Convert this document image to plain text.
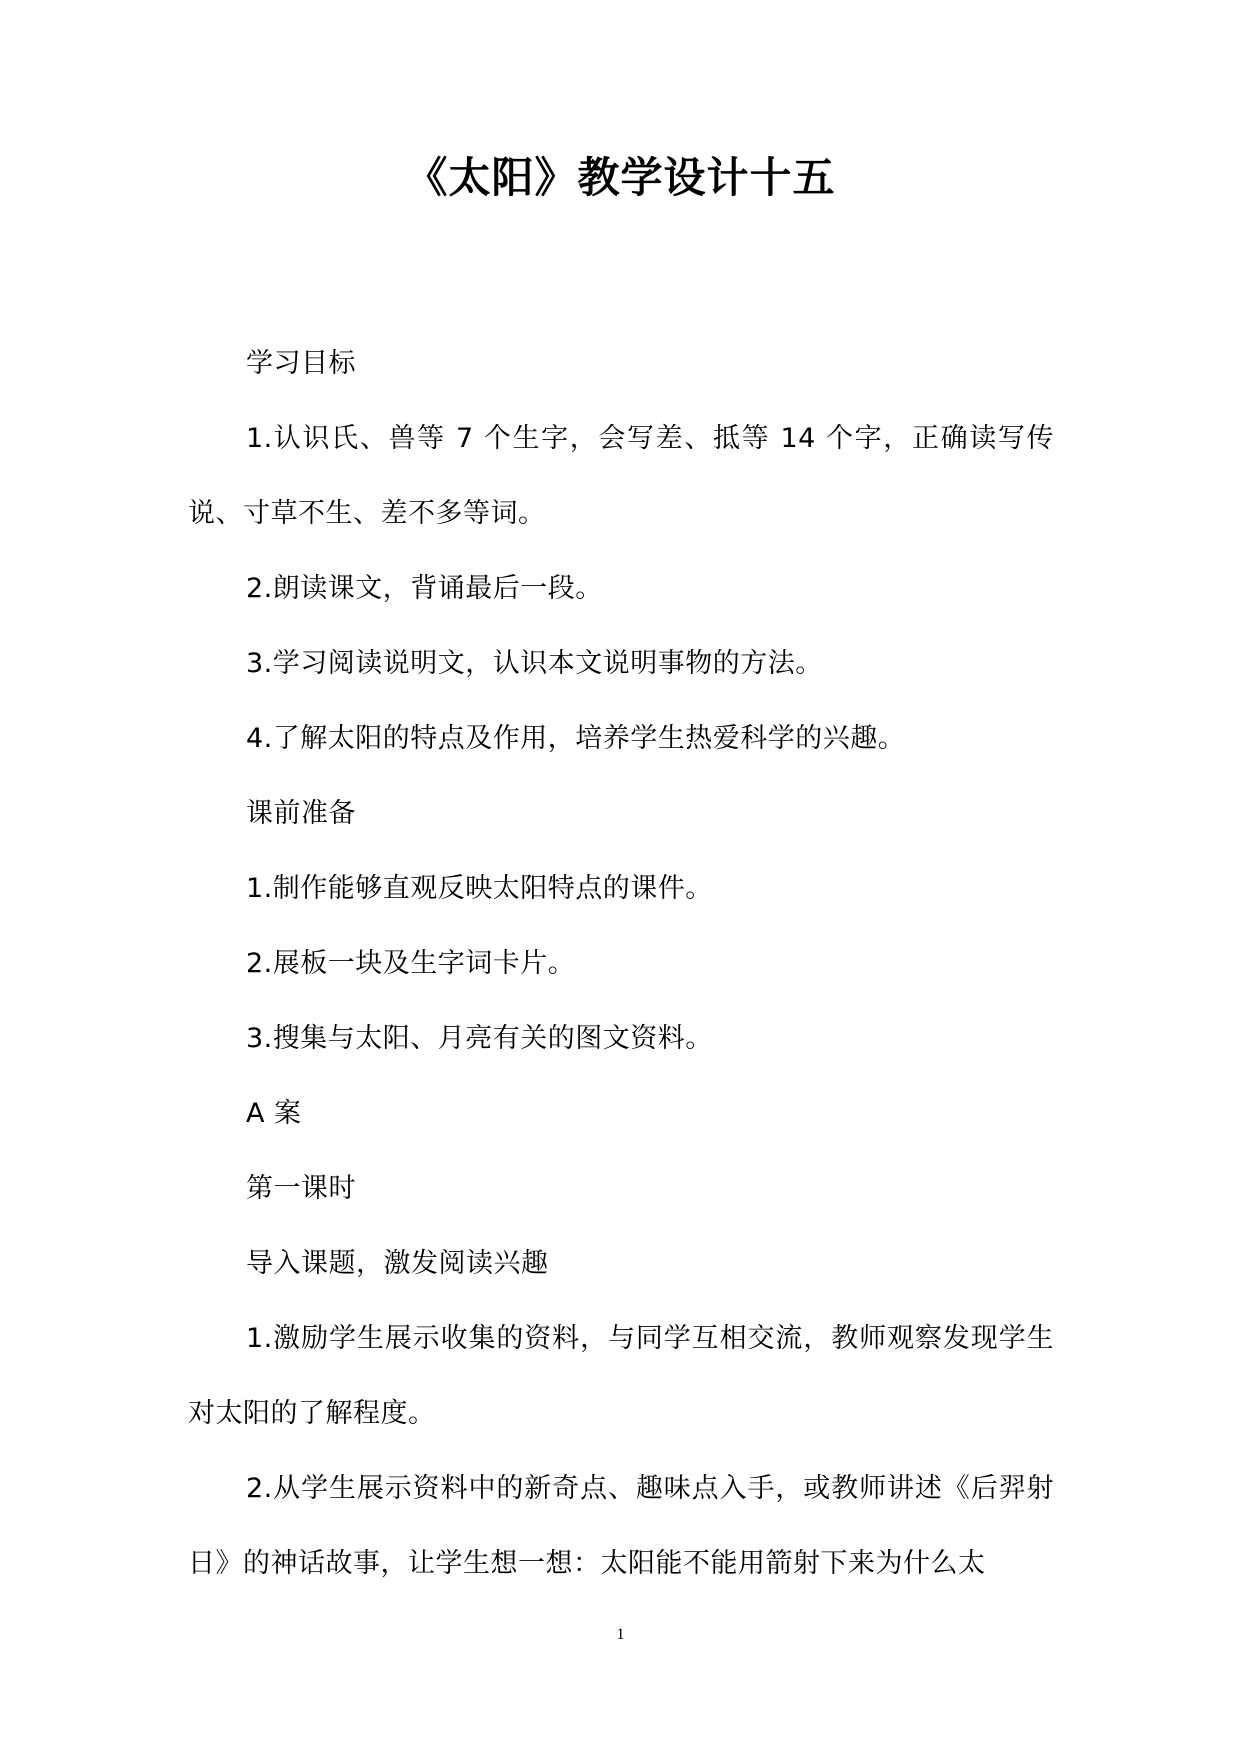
《太阳》教学设计十五

学习目标

1.认识氏、兽等 7 个生字，会写差、抵等 14 个字，正确读写传说、寸草不生、差不多等词。

2.朗读课文，背诵最后一段。

3.学习阅读说明文，认识本文说明事物的方法。

4.了解太阳的特点及作用，培养学生热爱科学的兴趣。

课前准备

1.制作能够直观反映太阳特点的课件。

2.展板一块及生字词卡片。

3.搜集与太阳、月亮有关的图文资料。

A 案

第一课时

导入课题，激发阅读兴趣

1.激励学生展示收集的资料，与同学互相交流，教师观察发现学生对太阳的了解程度。

2.从学生展示资料中的新奇点、趣味点入手，或教师讲述《后羿射日》的神话故事，让学生想一想：太阳能不能用箭射下来为什么太

1
